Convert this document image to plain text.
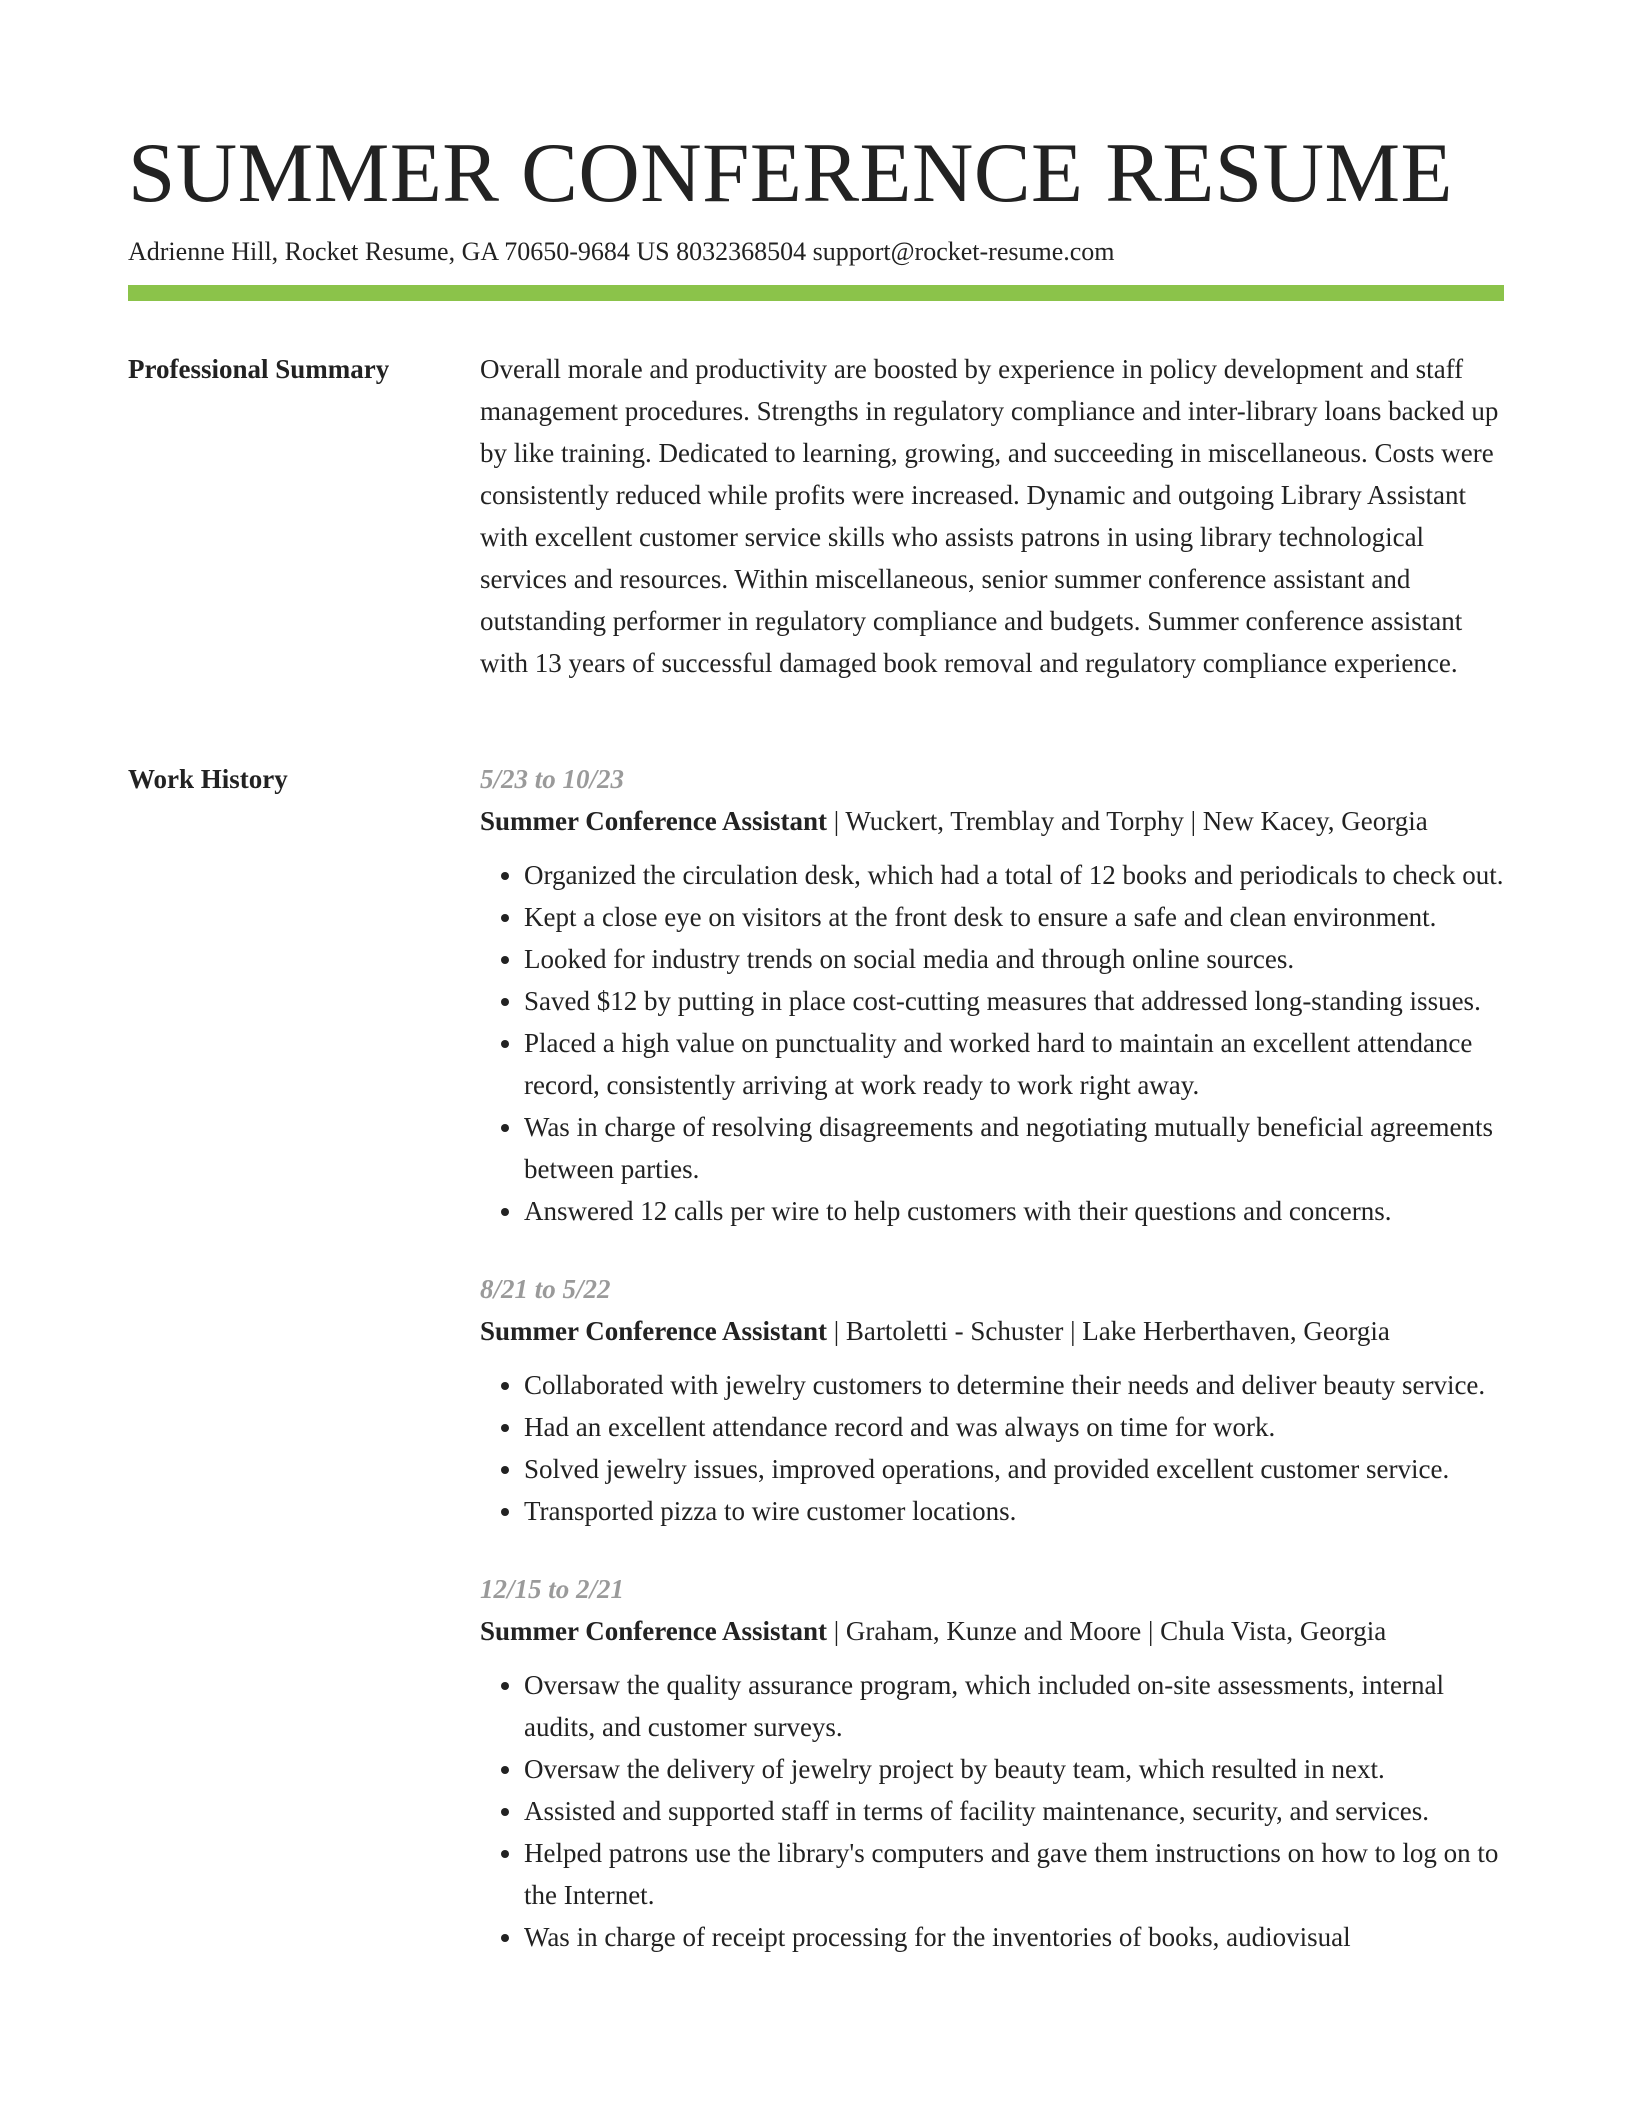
SUMMER CONFERENCE RESUME
Adrienne Hill, Rocket Resume, GA 70650-9684 US 8032368504 support@rocket-resume.com
Professional Summary	Overall morale and productivity are boosted by experience in policy development and staff management procedures. Strengths in regulatory compliance and inter-library loans backed up by like training. Dedicated to learning, growing, and succeeding in miscellaneous. Costs were consistently reduced while profits were increased. Dynamic and outgoing Library Assistant with excellent customer service skills who assists patrons in using library technological services and resources. Within miscellaneous, senior summer conference assistant and outstanding performer in regulatory compliance and budgets. Summer conference assistant with 13 years of successful damaged book removal and regulatory compliance experience.

Work History	5/23 to 10/23
Summer Conference Assistant | Wuckert, Tremblay and Torphy | New Kacey, Georgia
• Organized the circulation desk, which had a total of 12 books and periodicals to check out.
• Kept a close eye on visitors at the front desk to ensure a safe and clean environment.
• Looked for industry trends on social media and through online sources.
• Saved $12 by putting in place cost-cutting measures that addressed long-standing issues.
• Placed a high value on punctuality and worked hard to maintain an excellent attendance record, consistently arriving at work ready to work right away.
• Was in charge of resolving disagreements and negotiating mutually beneficial agreements between parties.
• Answered 12 calls per wire to help customers with their questions and concerns.
8/21 to 5/22
Summer Conference Assistant | Bartoletti - Schuster | Lake Herberthaven, Georgia
• Collaborated with jewelry customers to determine their needs and deliver beauty service.
• Had an excellent attendance record and was always on time for work.
• Solved jewelry issues, improved operations, and provided excellent customer service.
• Transported pizza to wire customer locations.
12/15 to 2/21
Summer Conference Assistant | Graham, Kunze and Moore | Chula Vista, Georgia
• Oversaw the quality assurance program, which included on-site assessments, internal audits, and customer surveys.
• Oversaw the delivery of jewelry project by beauty team, which resulted in next.
• Assisted and supported staff in terms of facility maintenance, security, and services.
• Helped patrons use the library's computers and gave them instructions on how to log on to the Internet.
• Was in charge of receipt processing for the inventories of books, audiovisual
